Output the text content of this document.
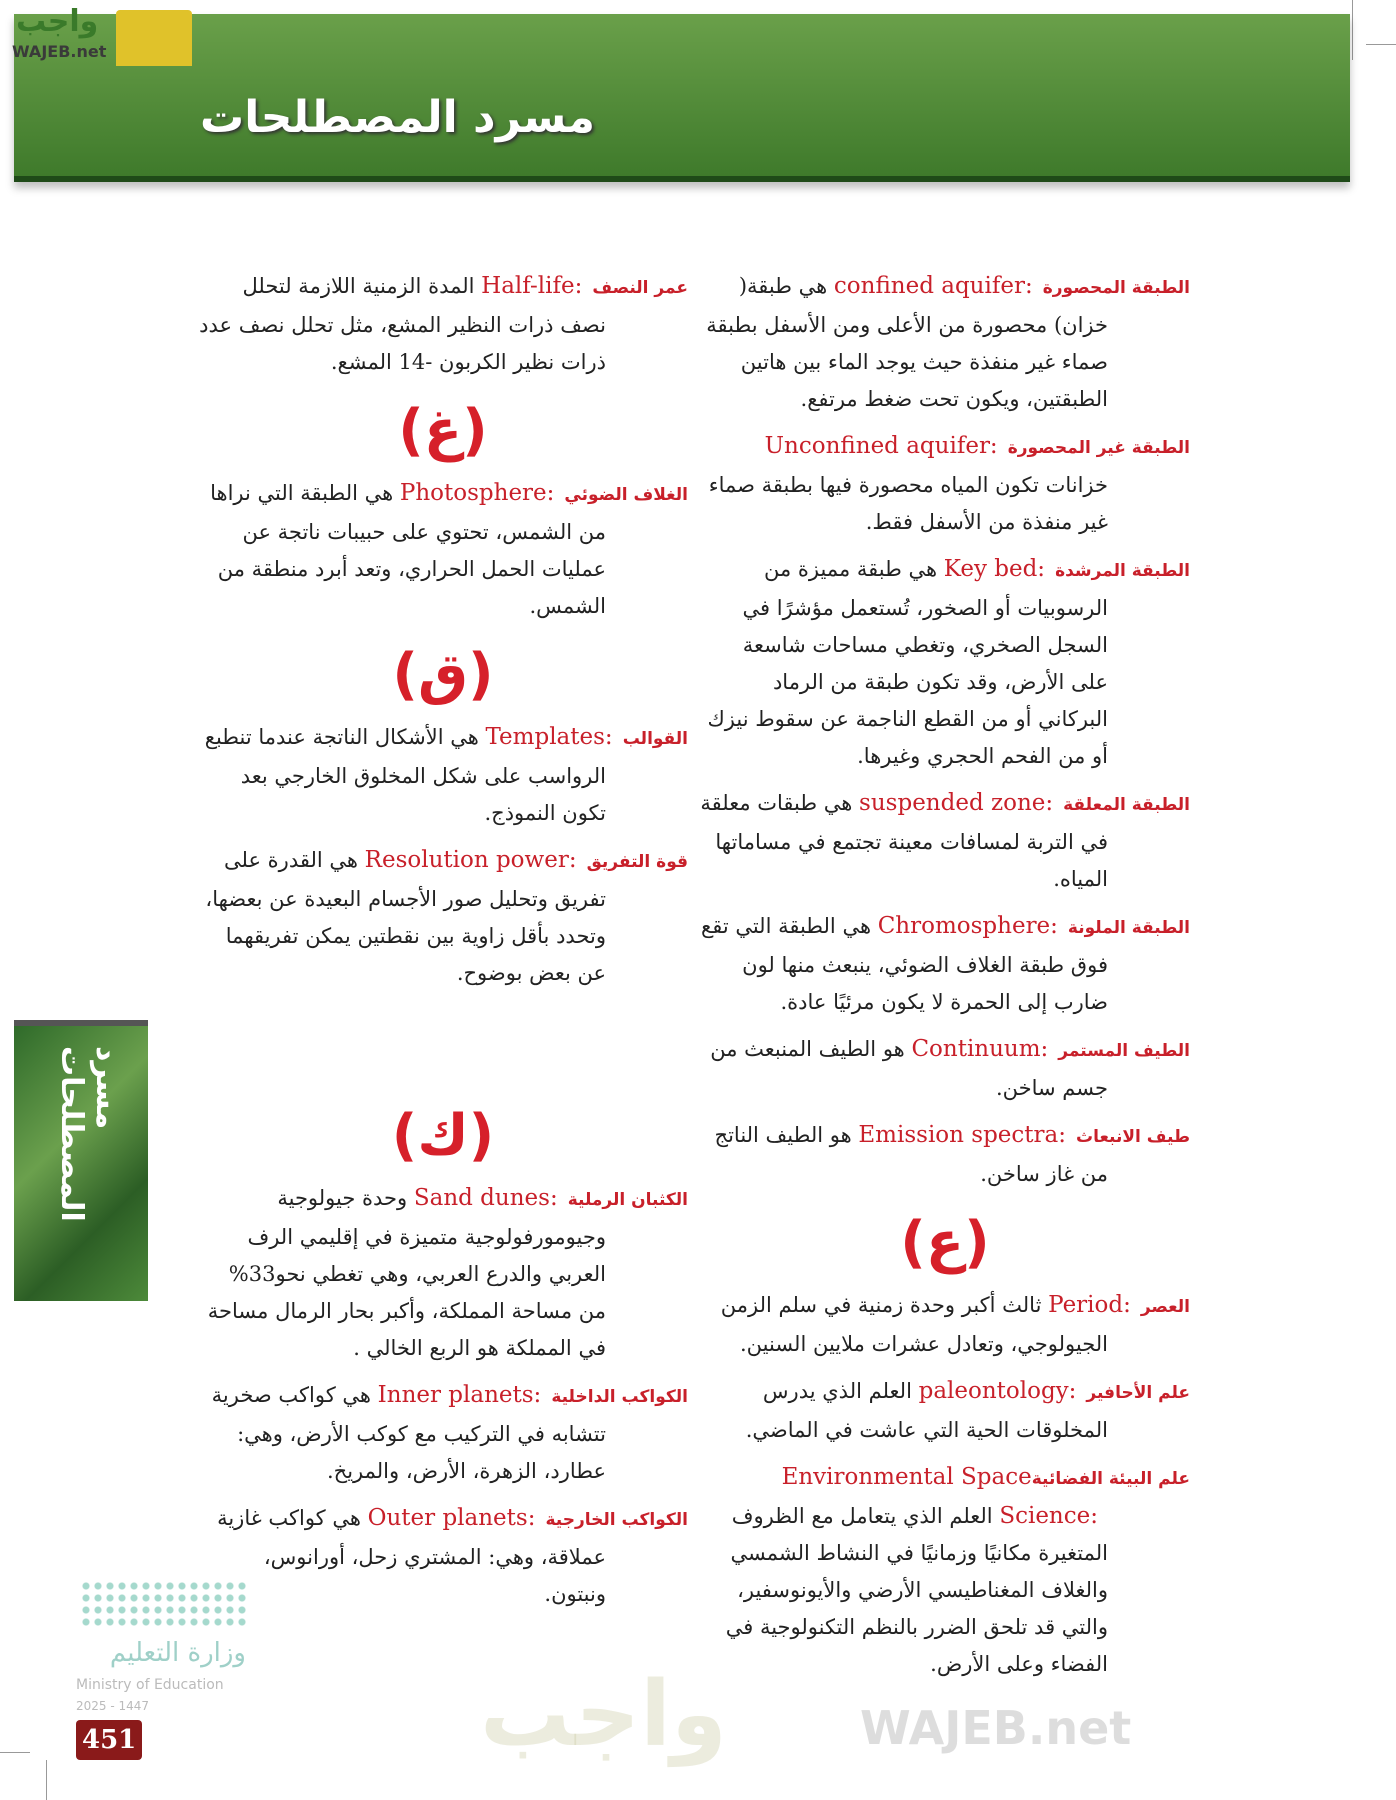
مسرد المصطلحات
واجب
WAJEB.net
الطبقة المحصورةconfined aquifer: هي طبقة( خزان) محصورة من الأعلى ومن الأسفل بطبقة صماء غير منفذة حيث يوجد الماء بين هاتين الطبقتين، ويكون تحت ضغط مرتفع.
الطبقة غير المحصورةUnconfined aquifer: خزانات تكون المياه محصورة فيها بطبقة صماء غير منفذة من الأسفل فقط.
الطبقة المرشدةKey bed: هي طبقة مميزة من الرسوبيات أو الصخور، تُستعمل مؤشرًا في السجل الصخري، وتغطي مساحات شاسعة على الأرض، وقد تكون طبقة من الرماد البركاني أو من القطع الناجمة عن سقوط نيزك أو من الفحم الحجري وغيرها.
الطبقة المعلقةsuspended zone: هي طبقات معلقة في التربة لمسافات معينة تجتمع في مساماتها المياه.
الطبقة الملونةChromosphere: هي الطبقة التي تقع فوق طبقة الغلاف الضوئي، ينبعث منها لون ضارب إلى الحمرة لا يكون مرئيًا عادة.
الطيف المستمرContinuum: هو الطيف المنبعث من جسم ساخن.
طيف الانبعاثEmission spectra: هو الطيف الناتج من غاز ساخن.
(ع)
العصرPeriod: ثالث أكبر وحدة زمنية في سلم الزمن الجيولوجي، وتعادل عشرات ملايين السنين.
علم الأحافيرpaleontology: العلم الذي يدرس المخلوقات الحية التي عاشت في الماضي.
علم البيئة الفضائيةEnvironmental Space Science: العلم الذي يتعامل مع الظروف المتغيرة مكانيًا وزمانيًا في النشاط الشمسي والغلاف المغناطيسي الأرضي والأيونوسفير، والتي قد تلحق الضرر بالنظم التكنولوجية في الفضاء وعلى الأرض.
عمر النصفHalf-life: المدة الزمنية اللازمة لتحلل نصف ذرات النظير المشع، مثل تحلل نصف عدد ذرات نظير الكربون -14 المشع.
(غ)
الغلاف الضوئيPhotosphere: هي الطبقة التي نراها من الشمس، تحتوي على حبيبات ناتجة عن عمليات الحمل الحراري، وتعد أبرد منطقة من الشمس.
(ق)
القوالبTemplates: هي الأشكال الناتجة عندما تنطبع الرواسب على شكل المخلوق الخارجي بعد تكون النموذج.
قوة التفريقResolution power: هي القدرة على تفريق وتحليل صور الأجسام البعيدة عن بعضها، وتحدد بأقل زاوية بين نقطتين يمكن تفريقهما عن بعض بوضوح.
(ك)
الكثبان الرمليةSand dunes: وحدة جيولوجية وجيومورفولوجية متميزة في إقليمي الرف العربي والدرع العربي، وهي تغطي نحو33% من مساحة المملكة، وأكبر بحار الرمال مساحة في المملكة هو الربع الخالي .
الكواكب الداخليةInner planets: هي كواكب صخرية تتشابه في التركيب مع كوكب الأرض، وهي: عطارد، الزهرة، الأرض، والمريخ.
الكواكب الخارجيةOuter planets: هي كواكب غازية عملاقة، وهي: المشتري زحل، أورانوس، ونبتون.
واجب	WAJEB.net
مسرد المصطلحات
وزارة التعليم
Ministry of Education
2025 - 1447
451
